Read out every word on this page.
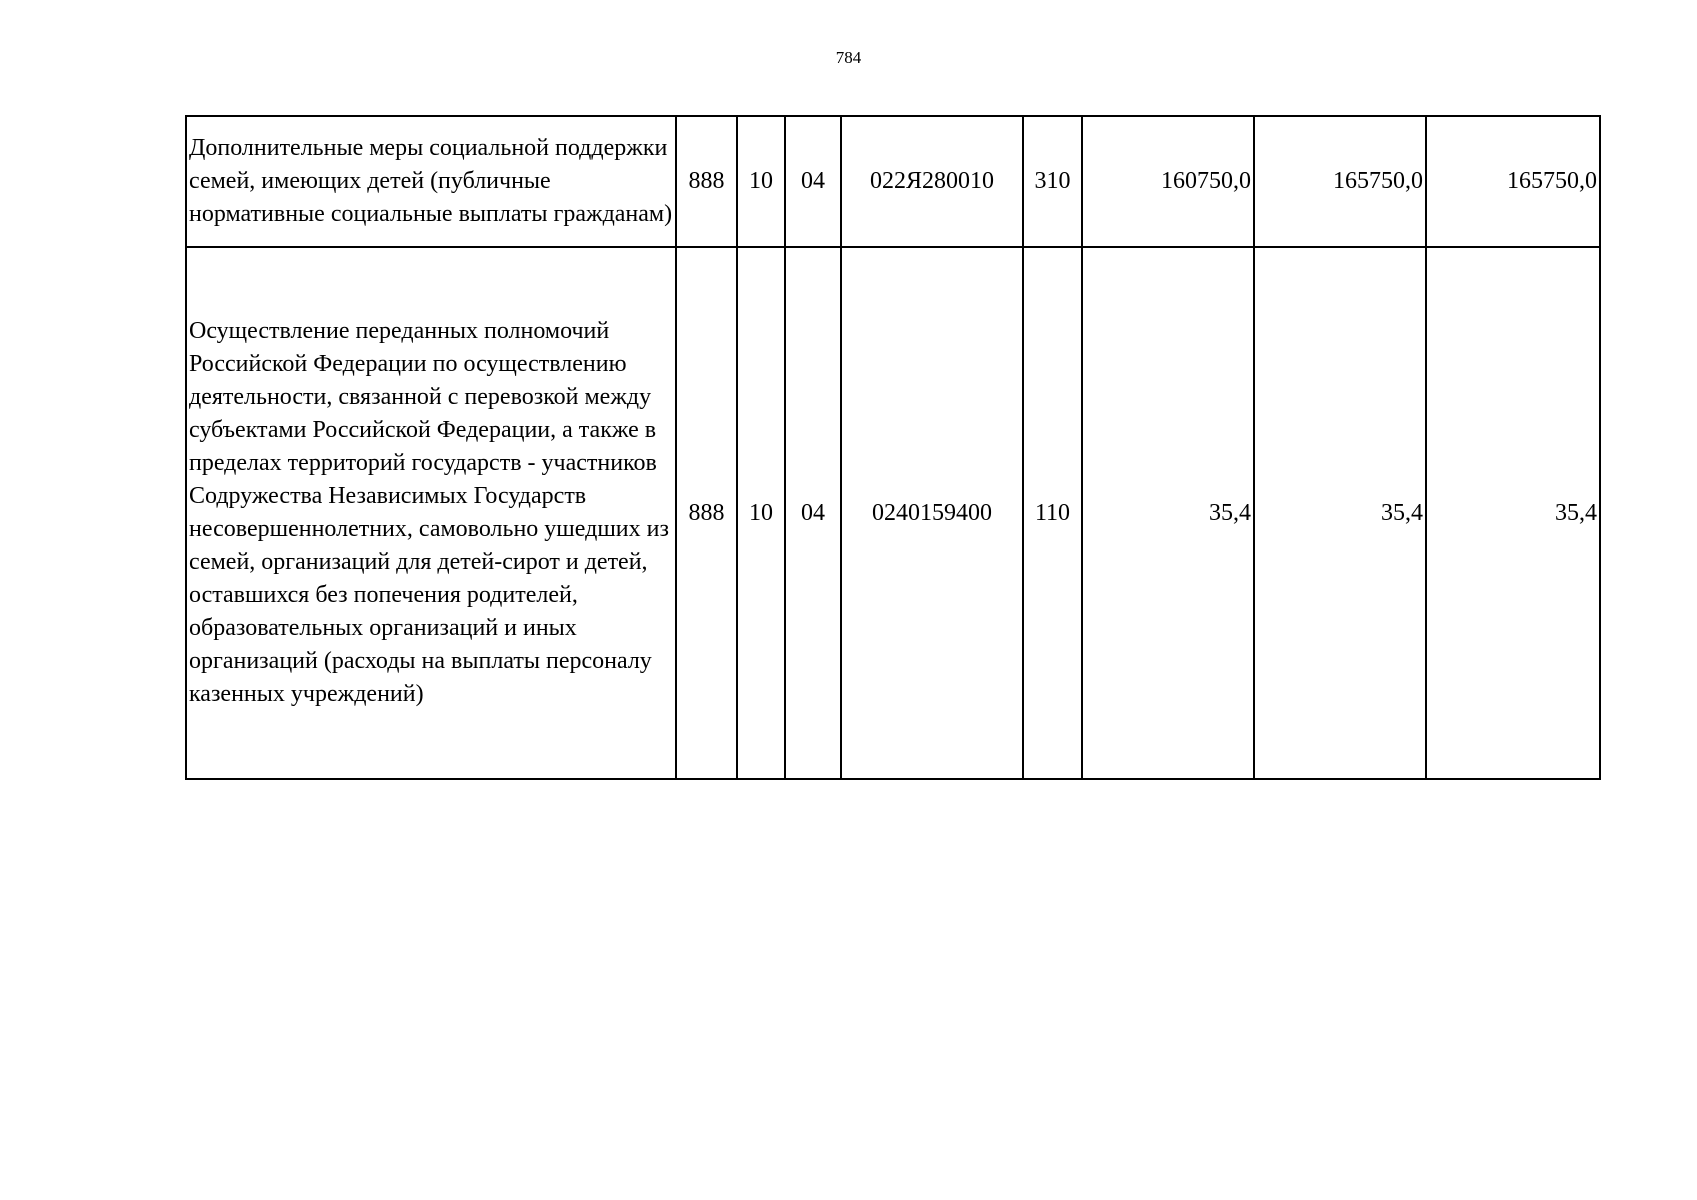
784
Дополнительные меры социальной поддержки семей, имеющих детей (публичные нормативные социальные выплаты гражданам)	888	10	04	022Я280010	310	160750,0	165750,0	165750,0
Осуществление переданных полномочий Российской Федерации по осуществлению деятельности, связанной с перевозкой между субъектами Российской Федерации, а также в пределах территорий государств - участников Содружества Независимых Государств несовершеннолетних, самовольно ушедших из семей, организаций для детей-сирот и детей, оставшихся без попечения родителей, образовательных организаций и иных организаций (расходы на выплаты персоналу казенных учреждений)	888	10	04	0240159400	110	35,4	35,4	35,4
